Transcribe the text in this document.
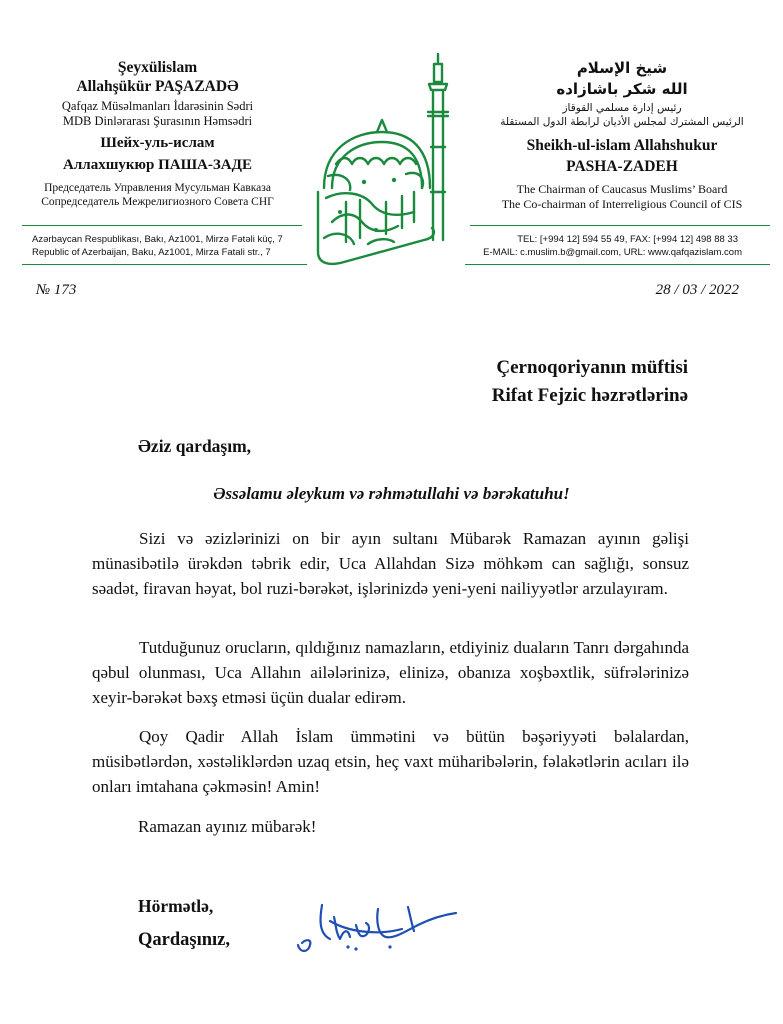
Şeyxülislam
Allahşükür PAŞAZADƏ
Qafqaz Müsəlmanları İdarəsinin Sədri
MDB Dinlərarası Şurasının Həmsədri
Шейх-уль-ислам
Аллахшукюр ПАША-ЗАДЕ
Председатель Управления Мусульман Кавказа
Сопредседатель Межрелигиозного Совета СНГ
Azərbaycan Respublikası, Bakı, Az1001, Mirzə Fətəli küç, 7
Republic of Azerbaijan, Baku, Az1001, Mirza Fatali str., 7
شيخ الإسلام
الله شكر باشازاده
رئيس إدارة مسلمي القوقاز
الرئيس المشترك لمجلس الأديان لرابطة الدول المستقلة
Sheikh-ul-islam Allahshukur
PASHA-ZADEH
The Chairman of Caucasus Muslims’ Board
The Co-chairman of Interreligious Council of CIS
TEL: [+994 12] 594 55 49, FAX: [+994 12] 498 88 33
E-MAIL: c.muslim.b@gmail.com, URL: www.qafqazislam.com
№ 173	28 / 03 / 2022
Çernoqoriyanın müftisi
Rifat Fejzic həzrətlərinə
Əziz qardaşım,
Əssəlamu əleykum və rəhmətullahi və bərəkatuhu!
Sizi və əzizlərinizi on bir ayın sultanı Mübarək Ramazan ayının gəlişi münasibətilə ürəkdən təbrik edir, Uca Allahdan Sizə möhkəm can sağlığı, sonsuz səadət, firavan həyat, bol ruzi-bərəkət, işlərinizdə yeni-yeni nailiyyətlər arzulayıram.
Tutduğunuz orucların, qıldığınız namazların, etdiyiniz duaların Tanrı dərgahında qəbul olunması, Uca Allahın ailələrinizə, elinizə, obanıza xoşbəxtlik, süfrələrinizə xeyir-bərəkət bəxş etməsi üçün dualar edirəm.
Qoy Qadir Allah İslam ümmətini və bütün bəşəriyyəti bəlalardan, müsibətlərdən, xəstəliklərdən uzaq etsin, heç vaxt müharibələrin, fəlakətlərin acıları ilə onları imtahana çəkməsin! Amin!
Ramazan ayınız mübarək!
Hörmətlə,
Qardaşınız,
